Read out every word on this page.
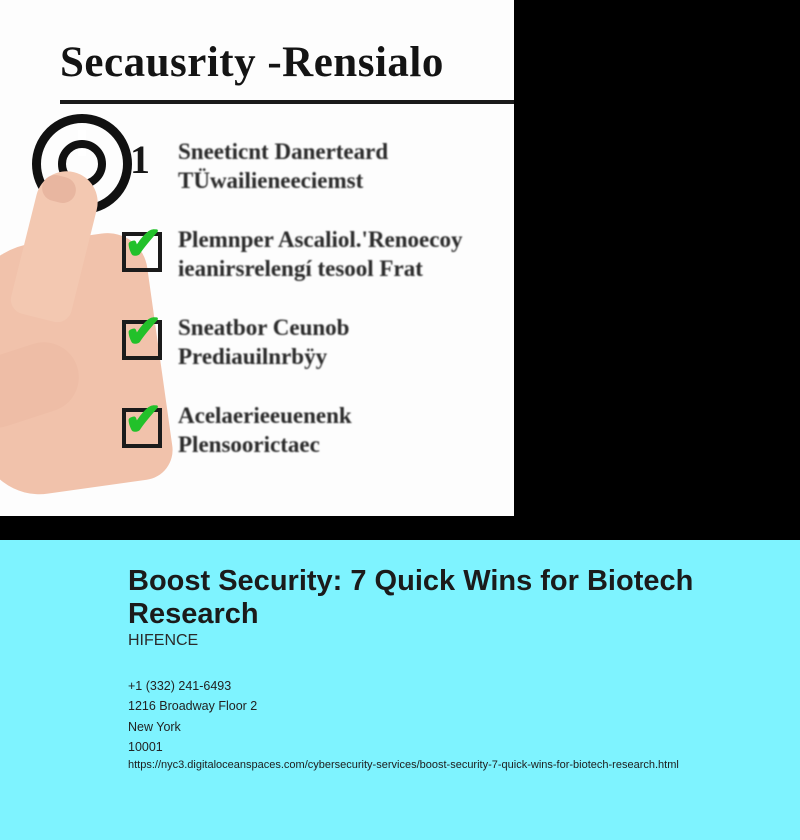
Secausrity -Rensialo
1 Sneeticnt Danerteard TÜwailieneeciemst
✔ Plemnper Ascaliol.'Renoecoy ieanirsrelengí tesool Frat
✔ Sneatbor Ceunob Prediauilnrbÿy
✔ Acelaerieeuenenk Plensoorictaec
Boost Security: 7 Quick Wins for Biotech Research
HIFENCE
+1 (332) 241-6493
1216 Broadway Floor 2
New York
10001
https://nyc3.digitaloceanspaces.com/cybersecurity-services/boost-security-7-quick-wins-for-biotech-research.html
